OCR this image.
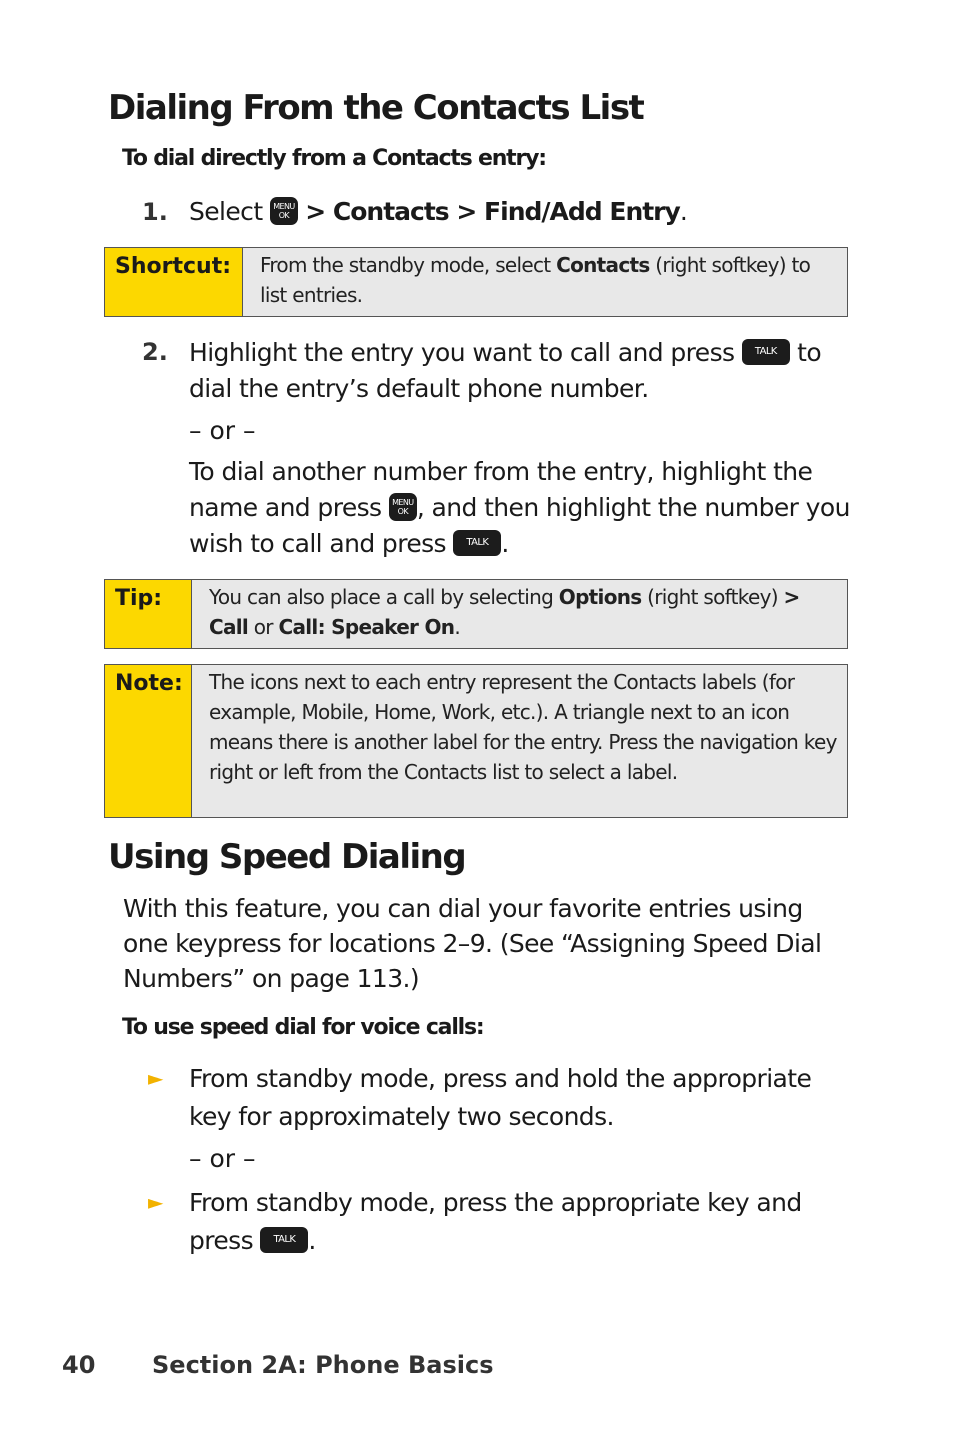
Dialing From the Contacts List
To dial directly from a Contacts entry:
1. Select	MENU
OK > Contacts > Find/Add Entry.
Shortcut:	From the standby mode, select Contacts (right softkey) to list entries.
2. Highlight the entry you want to call and press TALK to dial the entry’s default phone number.
– or –
To dial another number from the entry, highlight the name and press	MENU
OK , and then highlight the number you wish to call and press TALK .
Tip:	You can also place a call by selecting Options (right softkey) > Call or Call: Speaker On.
Note:	The icons next to each entry represent the Contacts labels (for example, Mobile, Home, Work, etc.). A triangle next to an icon means there is another label for the entry. Press the navigation key right or left from the Contacts list to select a label.
Using Speed Dialing
With this feature, you can dial your favorite entries using one keypress for locations 2–9. (See “Assigning Speed Dial Numbers” on page 113.)
To use speed dial for voice calls:
► From standby mode, press and hold the appropriate key for approximately two seconds.
– or –
► From standby mode, press the appropriate key and press TALK .
40 Section 2A: Phone Basics
